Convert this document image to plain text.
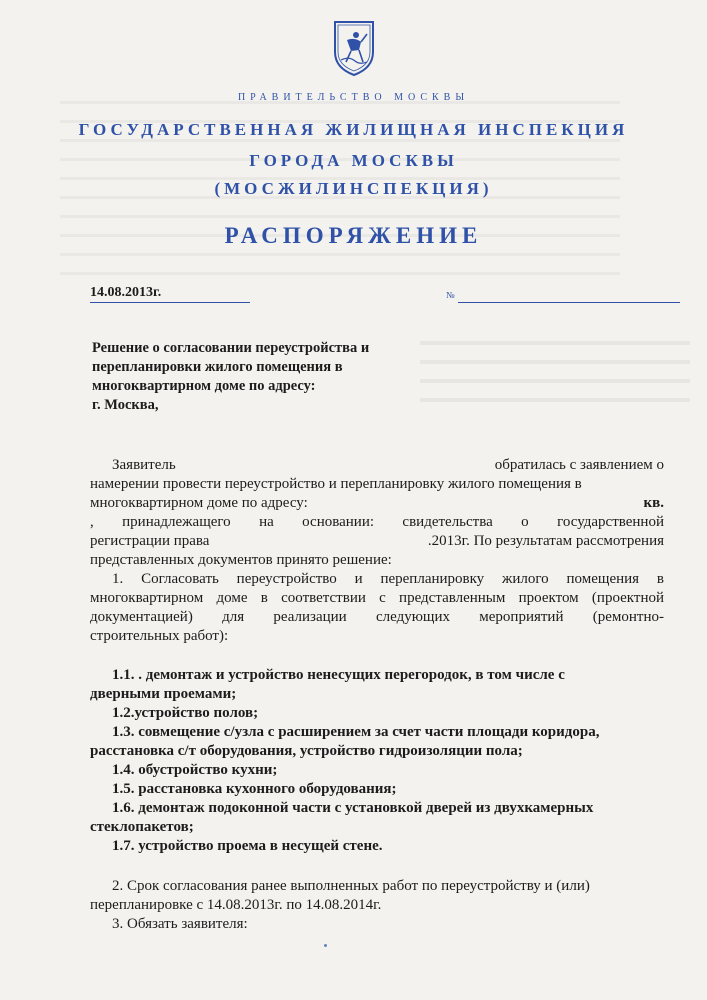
ПРАВИТЕЛЬСТВО МОСКВЫ
ГОСУДАРСТВЕННАЯ ЖИЛИЩНАЯ ИНСПЕКЦИЯ
ГОРОДА МОСКВЫ
(МОСЖИЛИНСПЕКЦИЯ)
РАСПОРЯЖЕНИЕ
14.08.2013г.	№
Решение о согласовании переустройства и
перепланировки жилого помещения в
многоквартирном доме по адресу:
г. Москва,
Заявитель	обратилась с заявлением о
намерении провести переустройство и перепланировку жилого помещения в
многоквартирном доме по адресу:	кв.
, принадлежащего на основании: свидетельства о государственной
регистрации права	.2013г. По результатам рассмотрения
представленных документов принято решение:
1. Согласовать переустройство и перепланировку жилого помещения в
многоквартирном доме в соответствии с представленным проектом (проектной
документацией) для реализации следующих мероприятий (ремонтно-
строительных работ):
1.1. . демонтаж и устройство ненесущих перегородок, в том числе с
дверными проемами;
1.2.устройство полов;
1.3. совмещение с/узла с расширением за счет части площади коридора,
расстановка с/т оборудования, устройство гидроизоляции пола;
1.4. обустройство кухни;
1.5. расстановка кухонного оборудования;
1.6. демонтаж подоконной части с установкой дверей из двухкамерных
стеклопакетов;
1.7. устройство проема в несущей стене.
2. Срок согласования ранее выполненных работ по переустройству и (или)
перепланировке с 14.08.2013г. по 14.08.2014г.
3. Обязать заявителя:
